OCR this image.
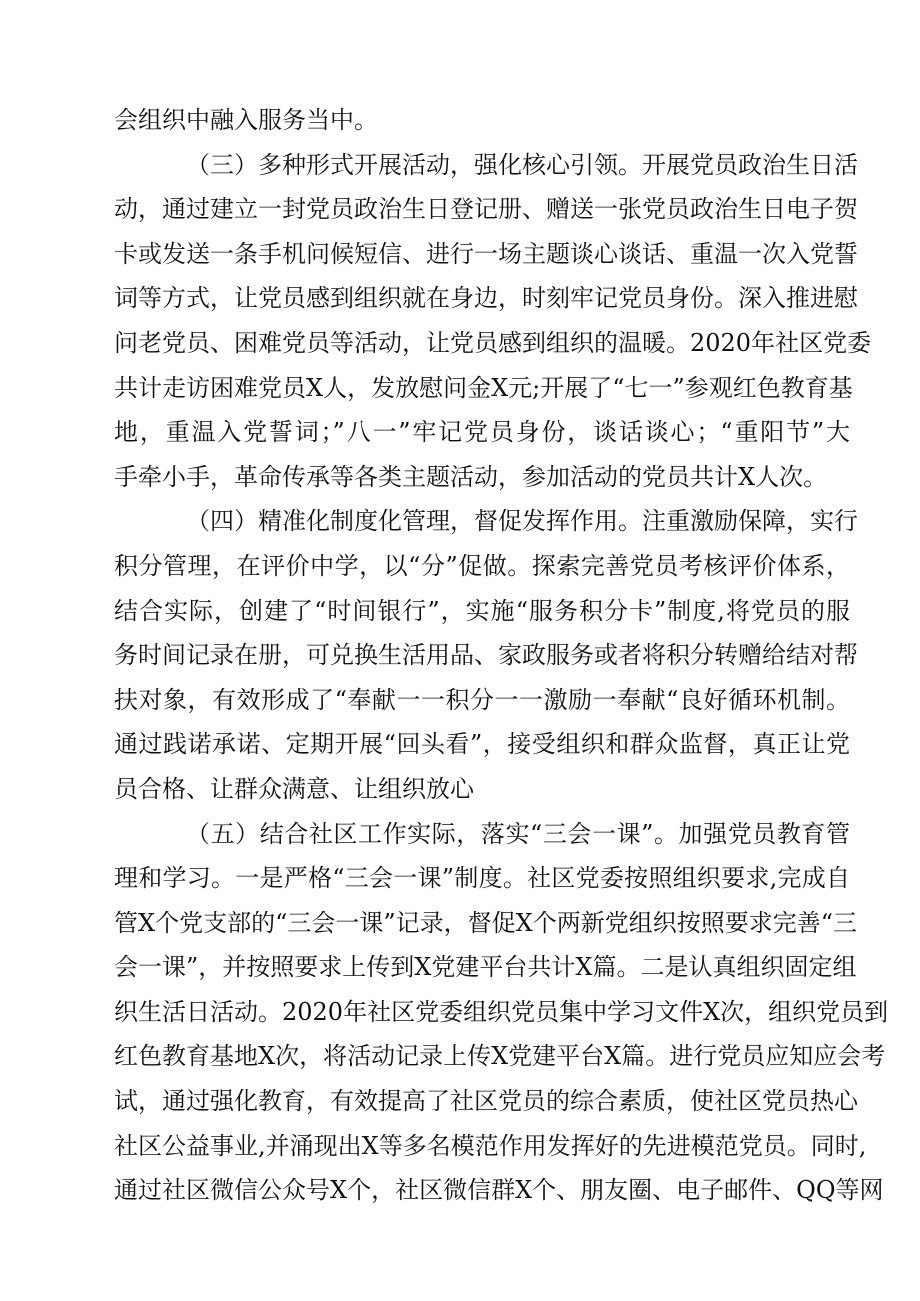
会组织中融入服务当中。
（三）多种形式开展活动，强化核心引领。开展党员政治生日活
动，通过建立一封党员政治生日登记册、赠送一张党员政治生日电子贺
卡或发送一条手机问候短信、进行一场主题谈心谈话、重温一次入党誓
词等方式，让党员感到组织就在身边，时刻牢记党员身份。深入推进慰
问老党员、困难党员等活动，让党员感到组织的温暖。2020年社区党委
共计走访困难党员X人，发放慰问金X元;开展了“七一”参观红色教育基
地，重温入党誓词；”八一”牢记党员身份，谈话谈心；“重阳节”大
手牵小手，革命传承等各类主题活动，参加活动的党员共计X人次。
（四）精准化制度化管理，督促发挥作用。注重激励保障，实行
积分管理，在评价中学，以“分”促做。探索完善党员考核评价体系，
结合实际，创建了“时间银行”，实施“服务积分卡”制度,将党员的服
务时间记录在册，可兑换生活用品、家政服务或者将积分转赠给结对帮
扶对象，有效形成了“奉献一一积分一一激励一奉献“良好循环机制。
通过践诺承诺、定期开展“回头看”，接受组织和群众监督，真正让党
员合格、让群众满意、让组织放心
（五）结合社区工作实际，落实“三会一课”。加强党员教育管
理和学习。一是严格“三会一课”制度。社区党委按照组织要求,完成自
管X个党支部的“三会一课”记录，督促X个两新党组织按照要求完善“三
会一课”，并按照要求上传到X党建平台共计X篇。二是认真组织固定组
织生活日活动。2020年社区党委组织党员集中学习文件X次，组织党员到
红色教育基地X次，将活动记录上传X党建平台X篇。进行党员应知应会考
试，通过强化教育，有效提高了社区党员的综合素质，使社区党员热心
社区公益事业,并涌现出X等多名模范作用发挥好的先进模范党员。同时,
通过社区微信公众号X个，社区微信群X个、朋友圈、电子邮件、QQ等网
